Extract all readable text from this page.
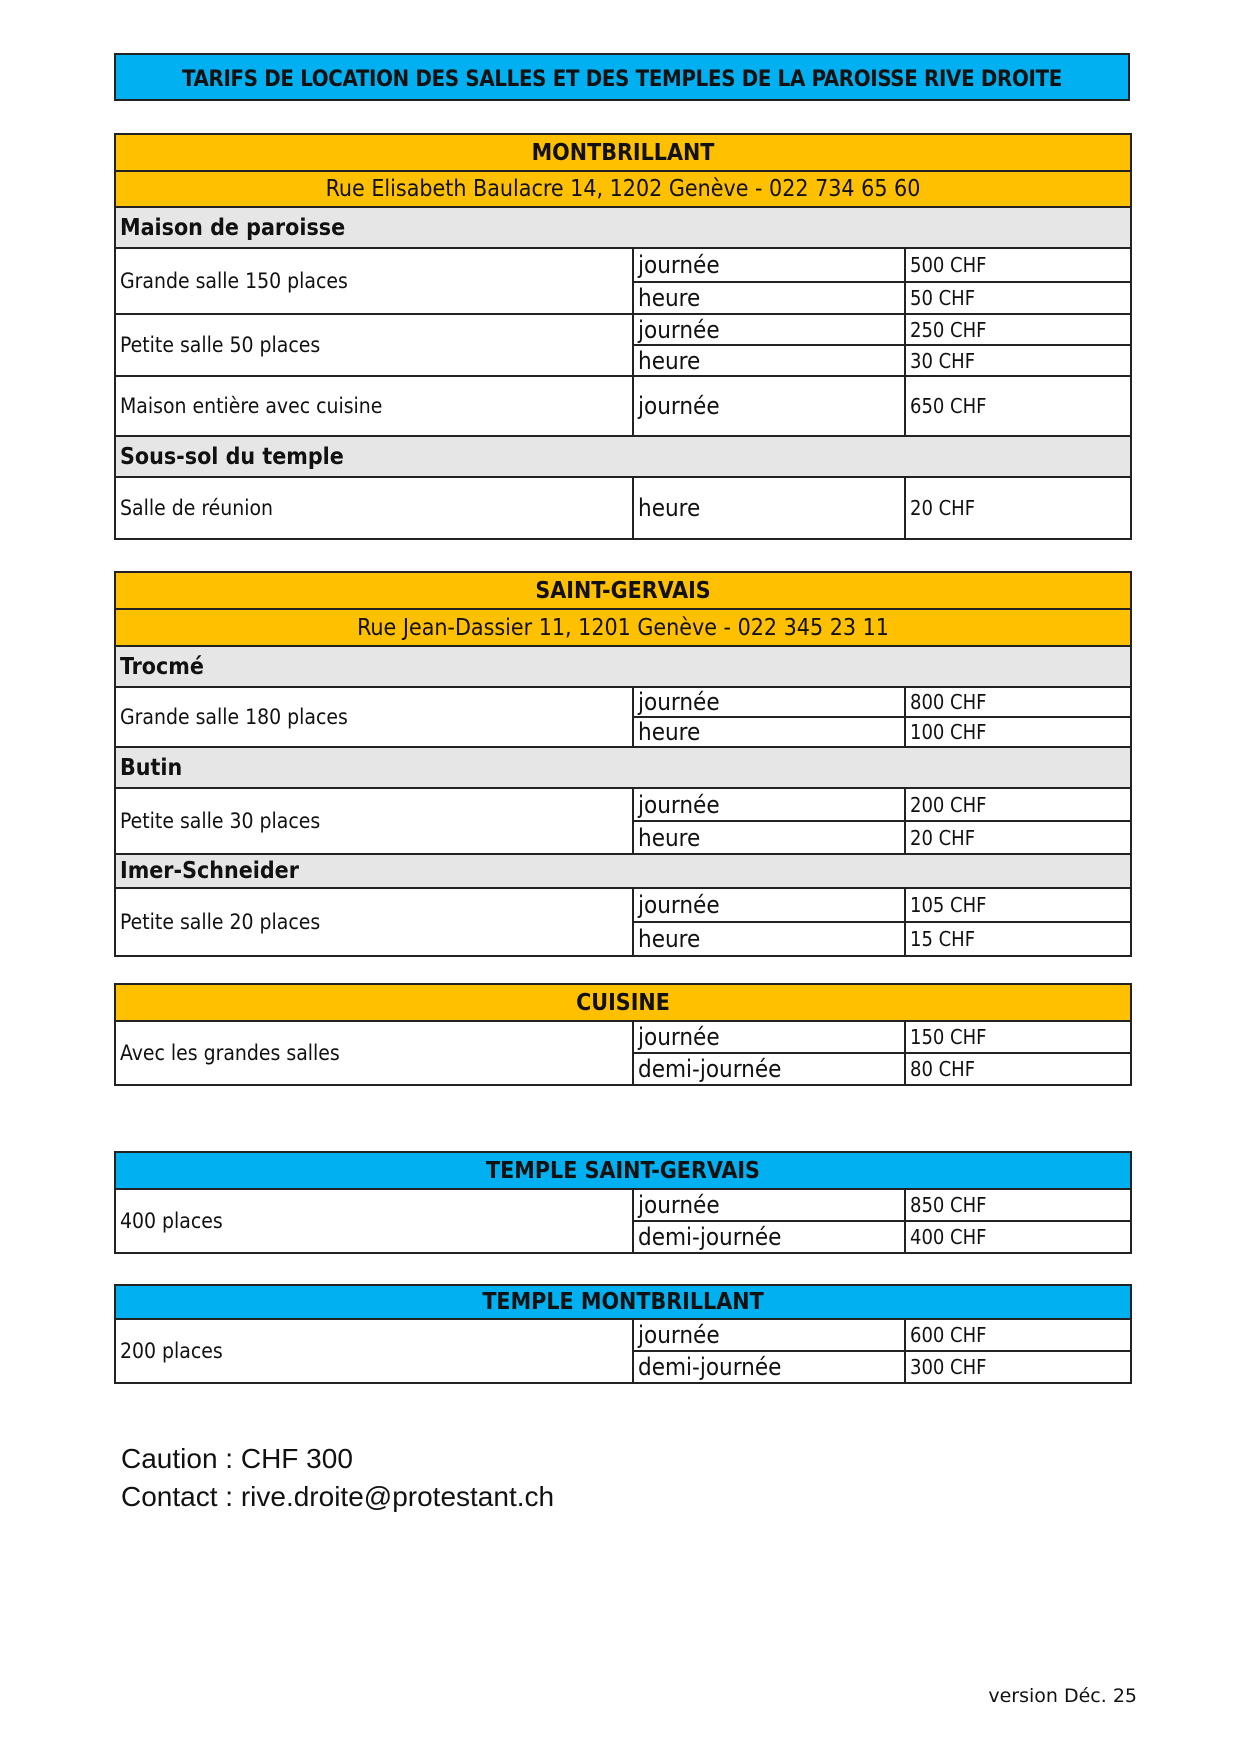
TARIFS DE LOCATION DES SALLES ET DES TEMPLES DE LA PAROISSE RIVE DROITE
MONTBRILLANT		
Rue Elisabeth Baulacre 14, 1202 Genève - 022 734 65 60		
Maison de paroisse		
Grande salle 150 places	journée	500 CHF
	heure	50 CHF
Petite salle 50 places	journée	250 CHF
	heure	30 CHF
Maison entière avec cuisine	journée	650 CHF
Sous-sol du temple		
Salle de réunion	heure	20 CHF
SAINT-GERVAIS		
Rue Jean-Dassier 11, 1201 Genève - 022 345 23 11		
Trocmé		
Grande salle 180 places	journée	800 CHF
	heure	100 CHF
Butin		
Petite salle 30 places	journée	200 CHF
	heure	20 CHF
Imer-Schneider		
Petite salle 20 places	journée	105 CHF
	heure	15 CHF
CUISINE		
Avec les grandes salles	journée	150 CHF
	demi-journée	80 CHF
TEMPLE SAINT-GERVAIS		
400 places	journée	850 CHF
	demi-journée	400 CHF
TEMPLE MONTBRILLANT		
200 places	journée	600 CHF
	demi-journée	300 CHF
Caution : CHF 300
Contact : rive.droite@protestant.ch
version Déc. 25
